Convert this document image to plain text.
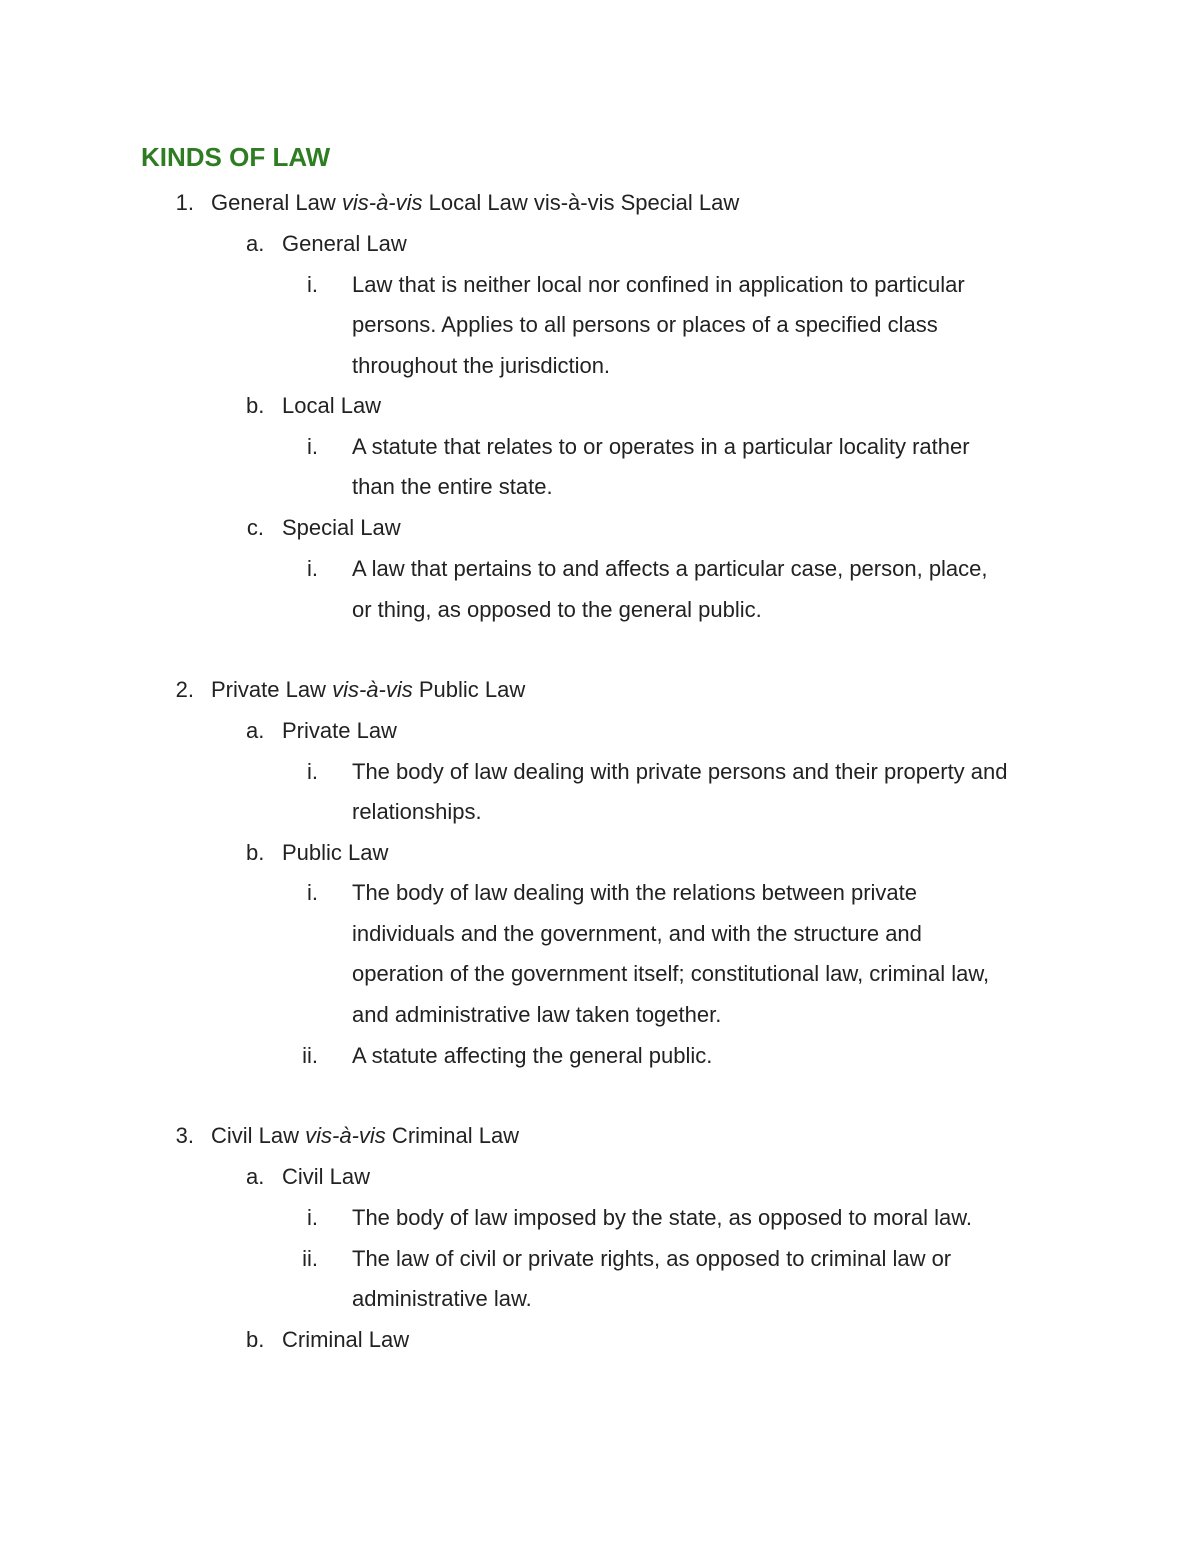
KINDS OF LAW
1. General Law vis-à-vis Local Law vis-à-vis Special Law
a. General Law
i. Law that is neither local nor confined in application to particular
persons. Applies to all persons or places of a specified class
throughout the jurisdiction.
b. Local Law
i. A statute that relates to or operates in a particular locality rather
than the entire state.
c. Special Law
i. A law that pertains to and affects a particular case, person, place,
or thing, as opposed to the general public.
2. Private Law vis-à-vis Public Law
a. Private Law
i. The body of law dealing with private persons and their property and
relationships.
b. Public Law
i. The body of law dealing with the relations between private
individuals and the government, and with the structure and
operation of the government itself; constitutional law, criminal law,
and administrative law taken together.
ii. A statute affecting the general public.
3. Civil Law vis-à-vis Criminal Law
a. Civil Law
i. The body of law imposed by the state, as opposed to moral law.
ii. The law of civil or private rights, as opposed to criminal law or
administrative law.
b. Criminal Law
